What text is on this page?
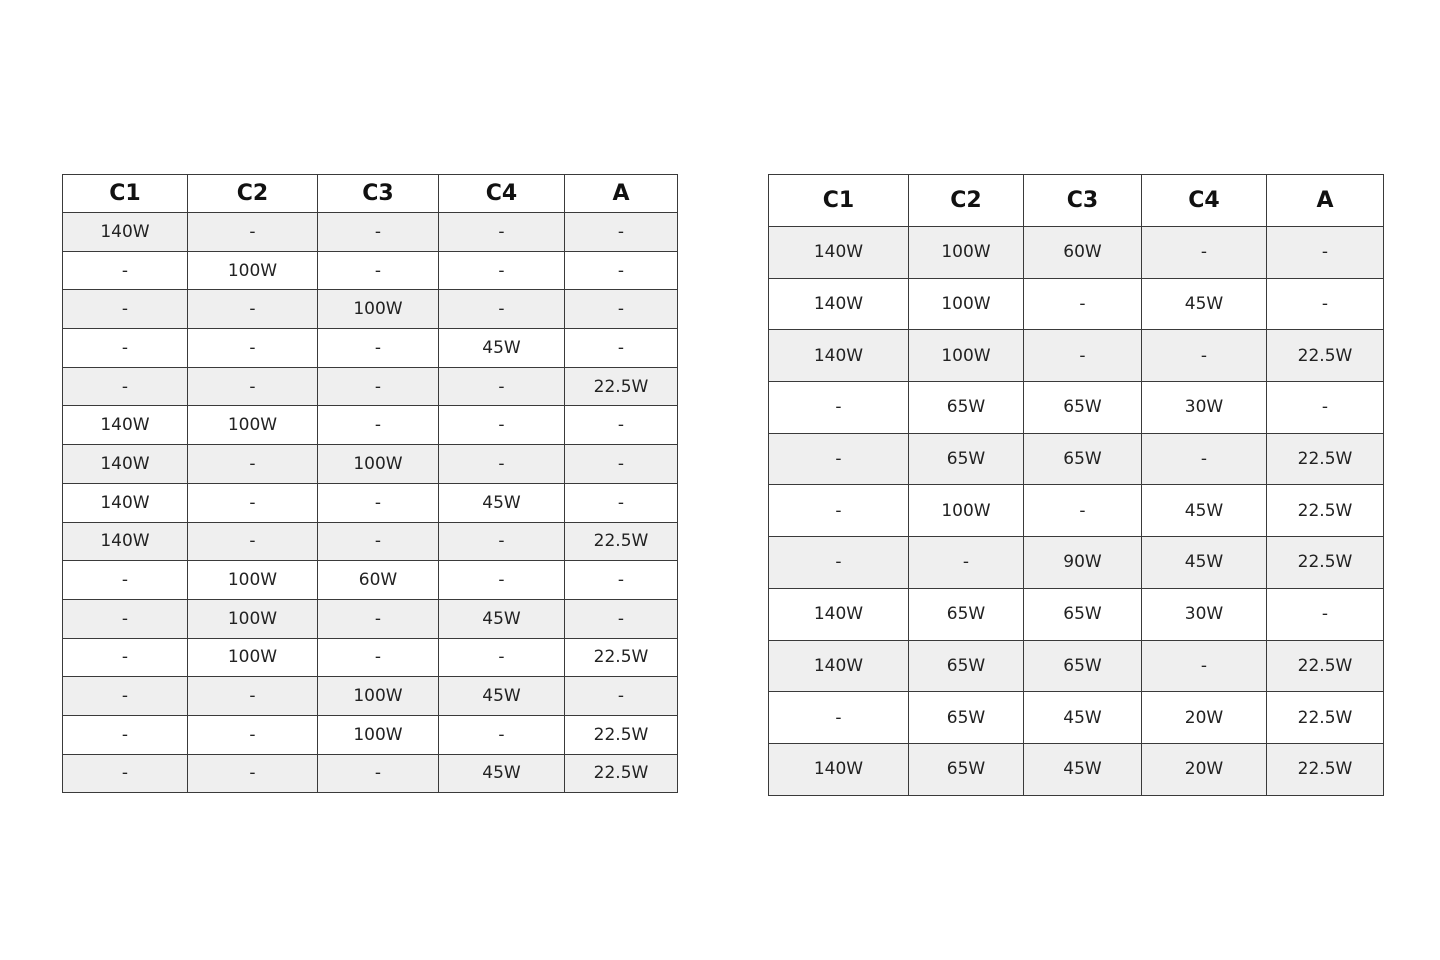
C1	C2	C3	C4	A
140W	-	-	-	-
-	100W	-	-	-
-	-	100W	-	-
-	-	-	45W	-
-	-	-	-	22.5W
140W	100W	-	-	-
140W	-	100W	-	-
140W	-	-	45W	-
140W	-	-	-	22.5W
-	100W	60W	-	-
-	100W	-	45W	-
-	100W	-	-	22.5W
-	-	100W	45W	-
-	-	100W	-	22.5W
-	-	-	45W	22.5W
C1	C2	C3	C4	A
140W	100W	60W	-	-
140W	100W	-	45W	-
140W	100W	-	-	22.5W
-	65W	65W	30W	-
-	65W	65W	-	22.5W
-	100W	-	45W	22.5W
-	-	90W	45W	22.5W
140W	65W	65W	30W	-
140W	65W	65W	-	22.5W
-	65W	45W	20W	22.5W
140W	65W	45W	20W	22.5W
